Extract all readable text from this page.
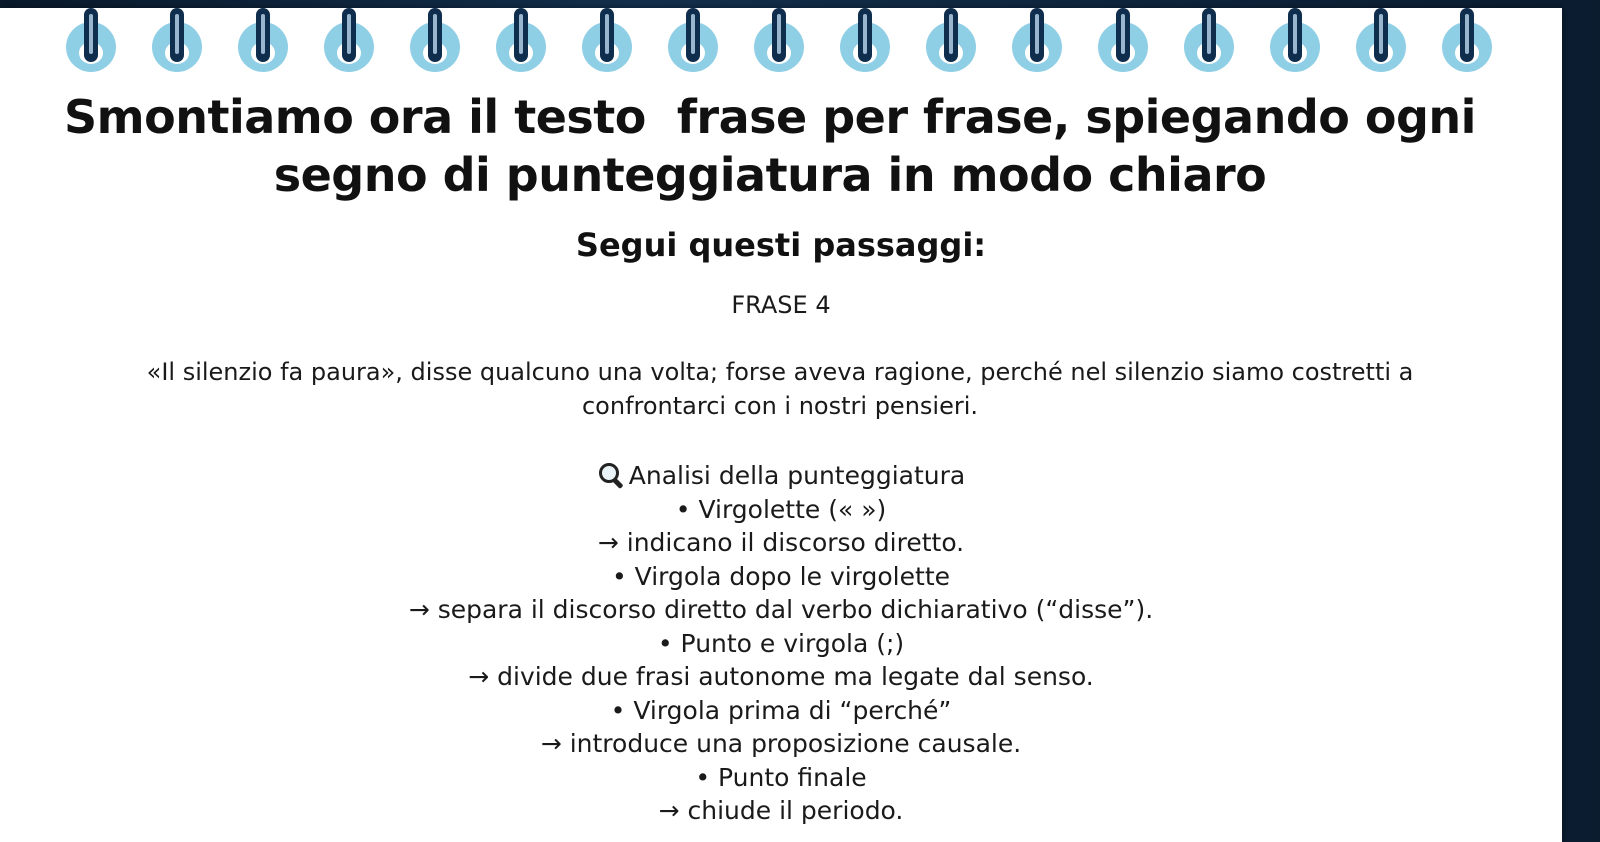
Smontiamo ora il testo  frase per frase, spiegando ogni
segno di punteggiatura in modo chiaro
Segui questi passaggi:
FRASE 4
«Il silenzio fa paura», disse qualcuno una volta; forse aveva ragione, perché nel silenzio siamo costretti a
confrontarci con i nostri pensieri.
Analisi della punteggiatura
• Virgolette (« »)
→ indicano il discorso diretto.
• Virgola dopo le virgolette
→ separa il discorso diretto dal verbo dichiarativo (“disse”).
• Punto e virgola (;)
→ divide due frasi autonome ma legate dal senso.
• Virgola prima di “perché”
→ introduce una proposizione causale.
• Punto finale
→ chiude il periodo.
